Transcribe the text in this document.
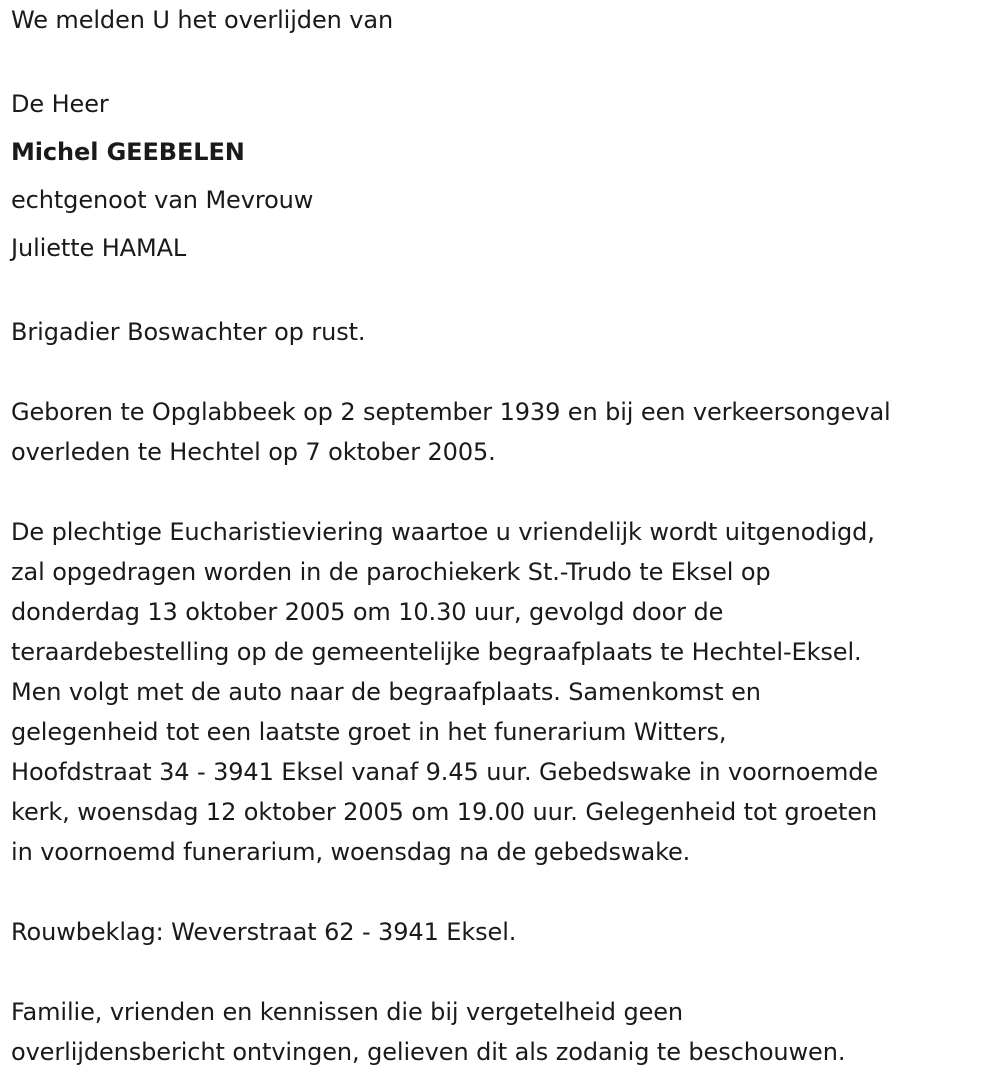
We melden U het overlijden van
De Heer
Michel GEEBELEN
echtgenoot van Mevrouw
Juliette HAMAL
Brigadier Boswachter op rust.
Geboren te Opglabbeek op 2 september 1939 en bij een verkeersongeval
overleden te Hechtel op 7 oktober 2005.
De plechtige Eucharistieviering waartoe u vriendelijk wordt uitgenodigd,
zal opgedragen worden in de parochiekerk St.-Trudo te Eksel op
donderdag 13 oktober 2005 om 10.30 uur, gevolgd door de
teraardebestelling op de gemeentelijke begraafplaats te Hechtel-Eksel.
Men volgt met de auto naar de begraafplaats. Samenkomst en
gelegenheid tot een laatste groet in het funerarium Witters,
Hoofdstraat 34 - 3941 Eksel vanaf 9.45 uur. Gebedswake in voornoemde
kerk, woensdag 12 oktober 2005 om 19.00 uur. Gelegenheid tot groeten
in voornoemd funerarium, woensdag na de gebedswake.
Rouwbeklag: Weverstraat 62 - 3941 Eksel.
Familie, vrienden en kennissen die bij vergetelheid geen
overlijdensbericht ontvingen, gelieven dit als zodanig te beschouwen.
